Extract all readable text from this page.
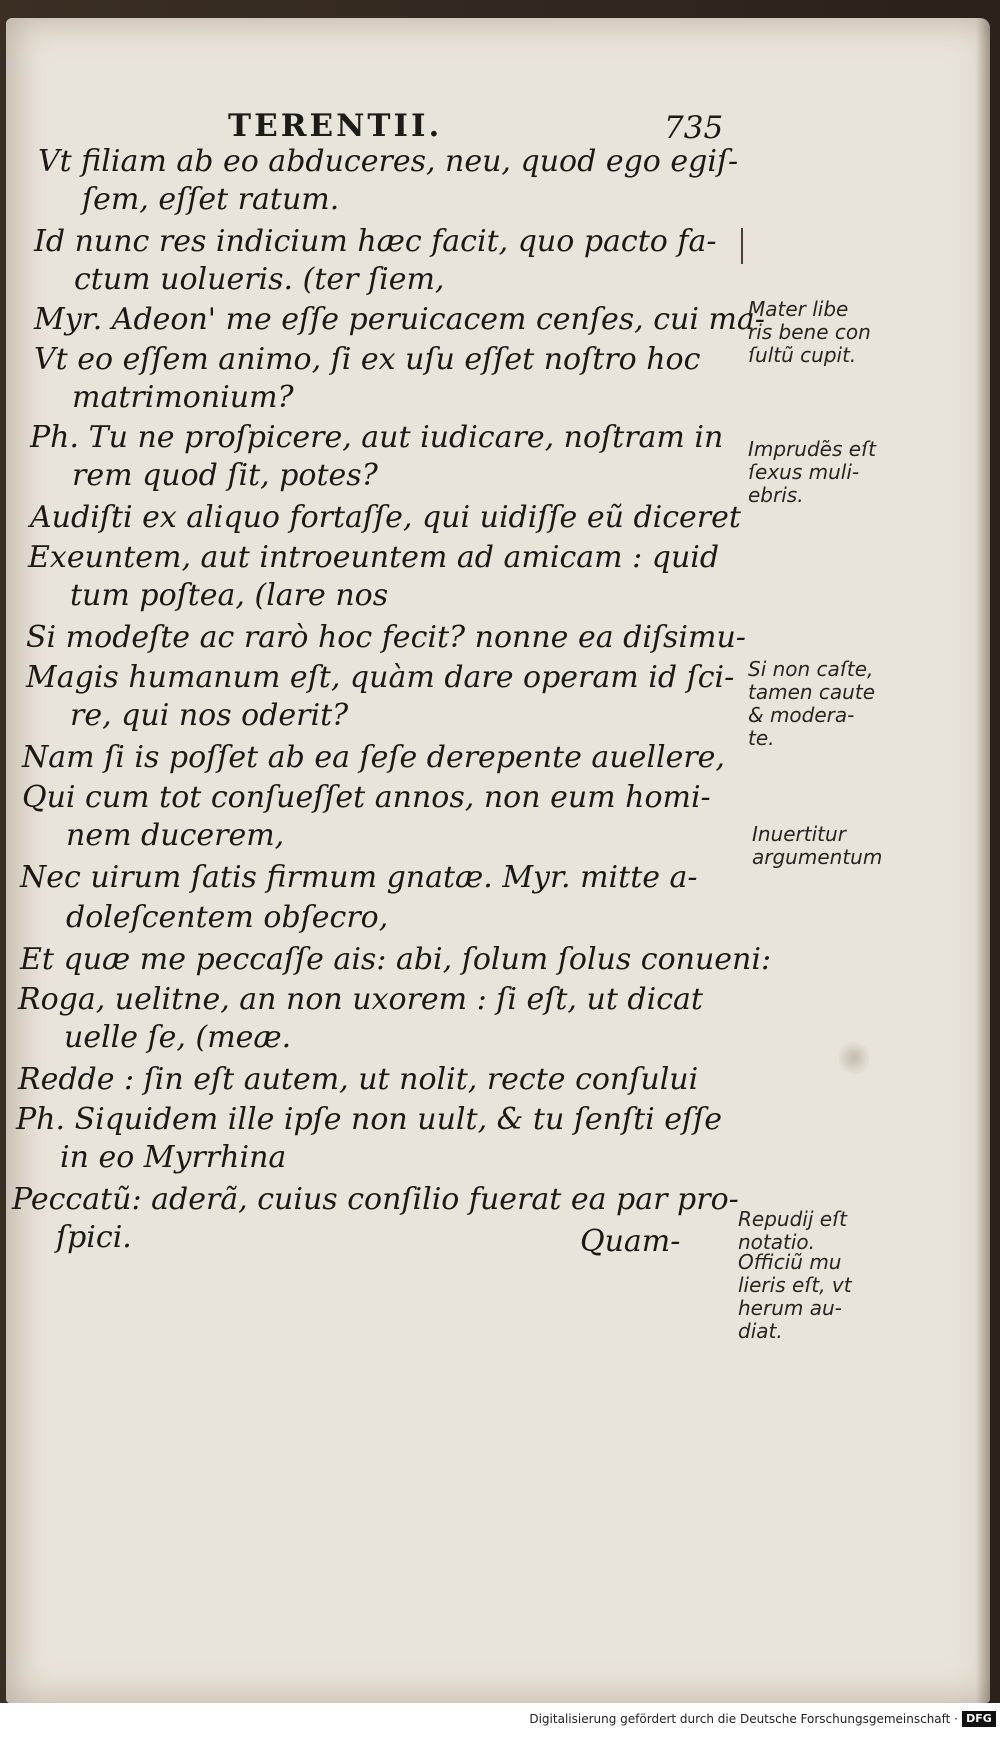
TERENTII.	735
Vt filiam ab eo abduceres, neu, quod ego egiſ-
ſem, eſſet ratum.
Id nunc res indicium hæc facit, quo pacto fa-
ctum uolueris. (ter ſiem,
Myr. Adeon' me eſſe peruicacem cenſes, cui ma-
Vt eo eſſem animo, ſi ex uſu eſſet noſtro hoc
matrimonium?
Ph. Tu ne proſpicere, aut iudicare, noſtram in
rem quod ſit, potes?
Audiſti ex aliquo fortaſſe, qui uidiſſe eũ diceret
Exeuntem, aut introeuntem ad amicam : quid
tum poſtea, (lare nos
Si modeſte ac rarò hoc fecit? nonne ea diſsimu-
Magis humanum eſt, quàm dare operam id ſci-
re, qui nos oderit?
Nam ſi is poſſet ab ea ſeſe derepente auellere,
Qui cum tot conſueſſet annos, non eum homi-
nem ducerem,
Nec uirum ſatis firmum gnatæ. Myr. mitte a-
doleſcentem obſecro,
Et quæ me peccaſſe ais: abi, ſolum ſolus conueni:
Roga, uelitne, an non uxorem : ſi eſt, ut dicat
uelle ſe, (meæ.
Redde : ſin eſt autem, ut nolit, recte conſului
Ph. Siquidem ille ipſe non uult, & tu ſenſti eſſe
in eo Myrrhina
Peccatũ: aderã, cuius conſilio fuerat ea par pro-
ſpici.	Quam-
Mater libe
ris bene con
ſultũ cupit.
Imprudẽs eſt
ſexus muli-
ebris.
Si non caſte,
tamen caute
& modera-
te.
Inuertitur
argumentum
Repudij eſt
notatio.
Officiũ mu
lieris eſt, vt
herum au-
diat.
Digitalisierung gefördert durch die Deutsche Forschungsgemeinschaft · DFG
